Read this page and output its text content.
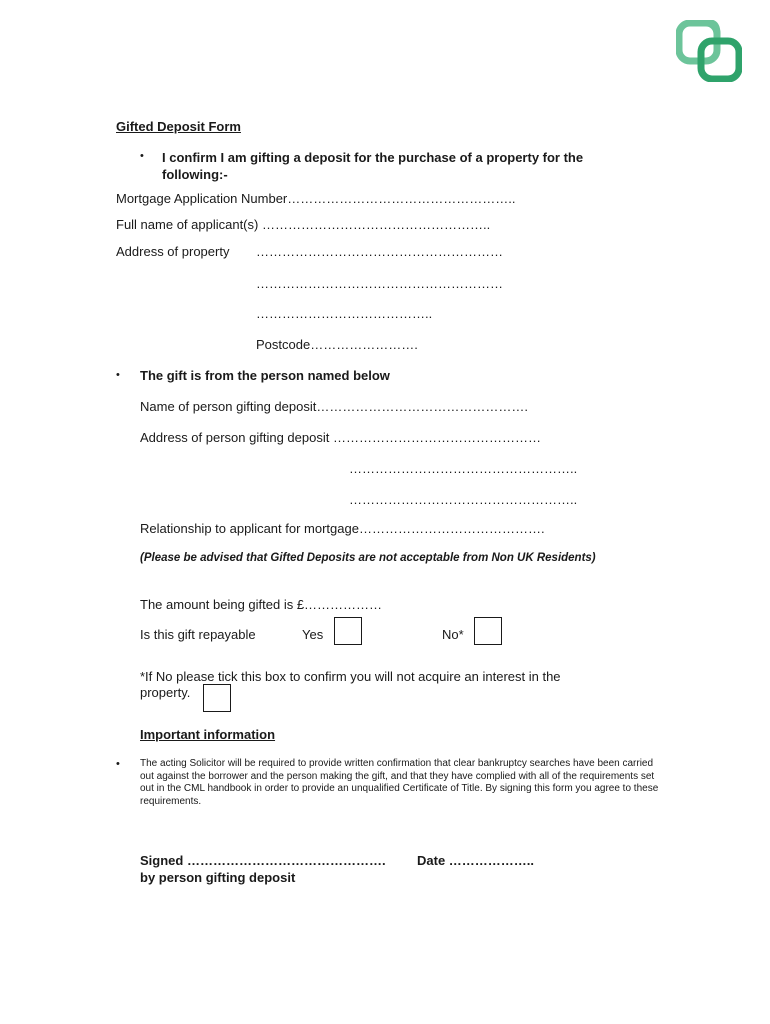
Gifted Deposit Form
• I confirm I am gifting a deposit for the purchase of a property for the following:-
Mortgage Application Number……………………………………………..
Full name of applicant(s) ……………………………………………..
Address of property …………………………………………………
…………………………………………………
…………………………………..
Postcode…………………….
• The gift is from the person named below
Name of person gifting deposit………………………………………….
Address of person gifting deposit …………………………………………
……………………………………………..
……………………………………………..
Relationship to applicant for mortgage…………………………………….
(Please be advised that Gifted Deposits are not acceptable from Non UK Residents)
The amount being gifted is £………………
Is this gift repayable	Yes	No*
*If No please tick this box to confirm you will not acquire an interest in the property.
Important information
• The acting Solicitor will be required to provide written confirmation that clear bankruptcy searches have been carried out against the borrower and the person making the gift, and that they have complied with all of the requirements set out in the CML handbook in order to provide an unqualified Certificate of Title. By signing this form you agree to these requirements.
Signed ………………………………………. Date ………………..
by person gifting deposit
